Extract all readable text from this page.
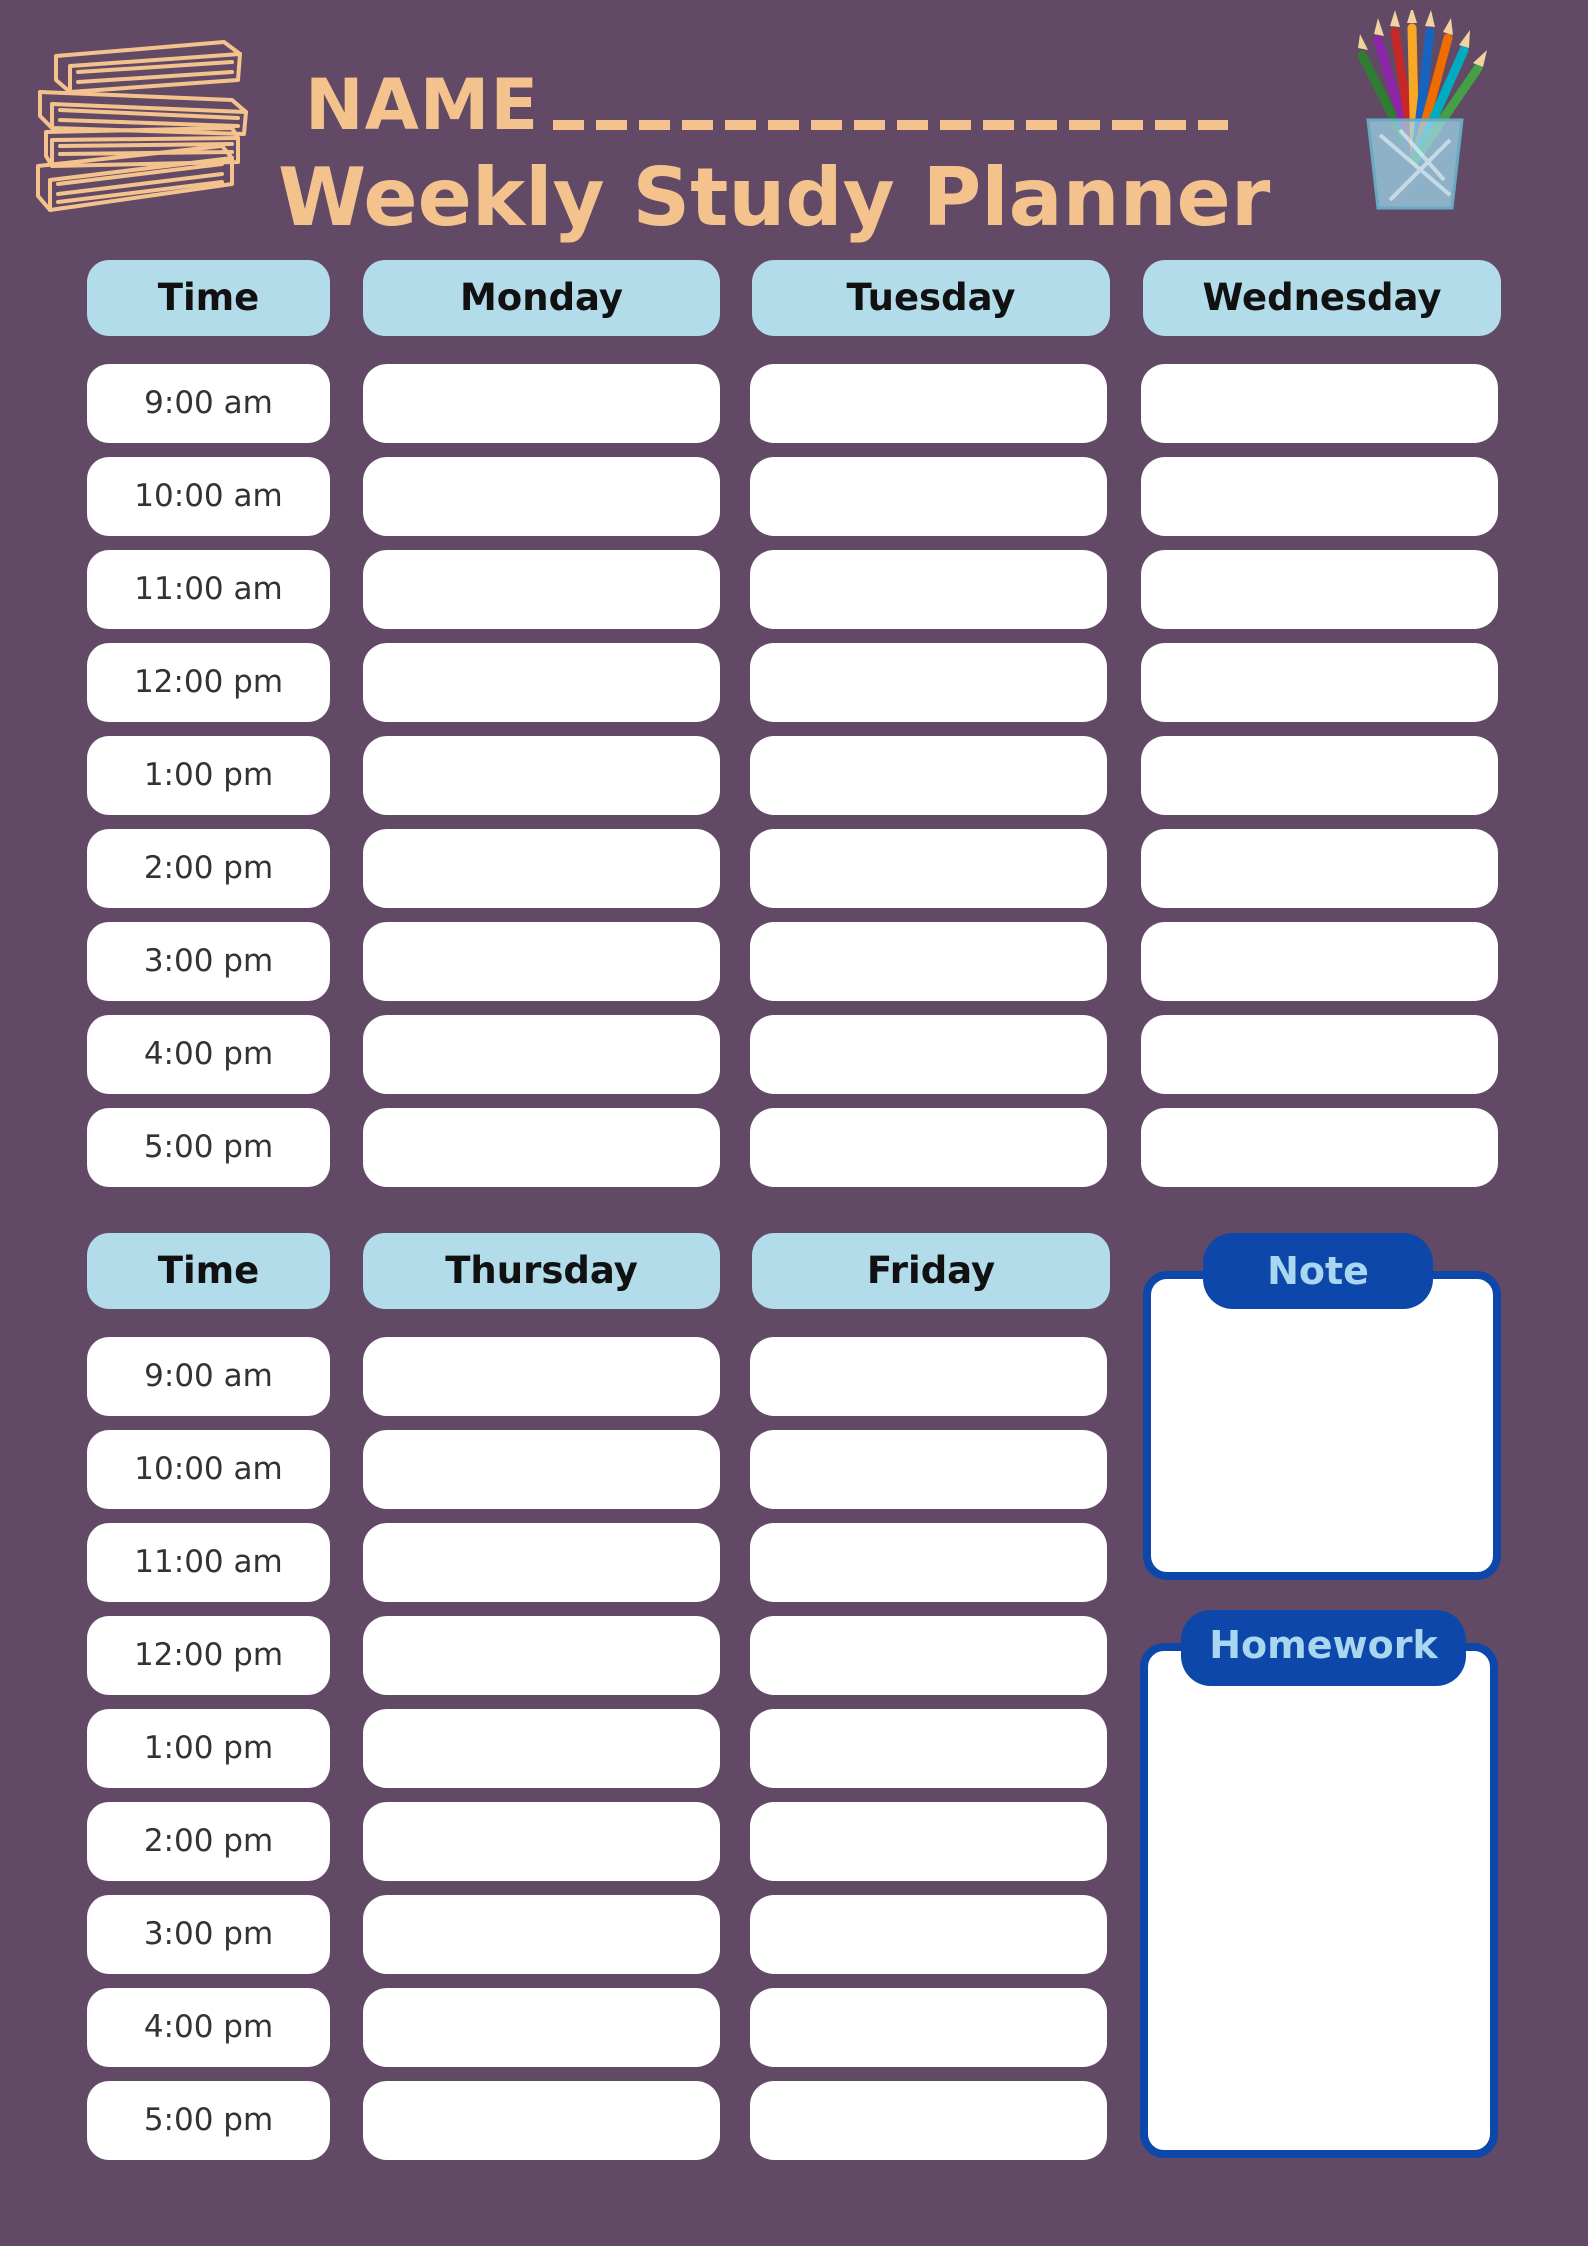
NAME
Weekly Study Planner
Time	Monday	Tuesday	Wednesday
9:00 am
10:00 am
11:00 am
12:00 pm
1:00 pm
2:00 pm
3:00 pm
4:00 pm
5:00 pm
Time	Thursday	Friday
9:00 am
10:00 am
11:00 am
12:00 pm
1:00 pm
2:00 pm
3:00 pm
4:00 pm
5:00 pm
Note
Homework
